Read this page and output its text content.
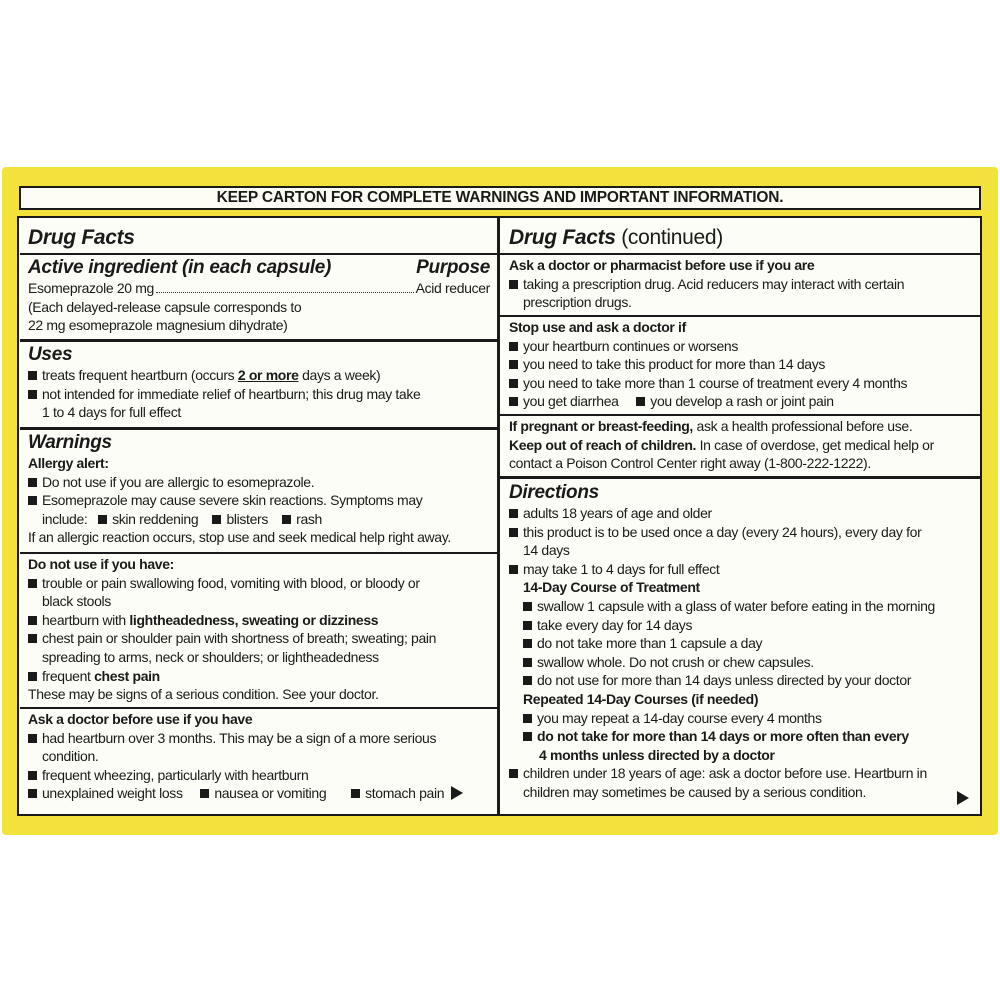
KEEP CARTON FOR COMPLETE WARNINGS AND IMPORTANT INFORMATION.
Drug Facts
Active ingredient (in each capsule)	Purpose
Esomeprazole 20 mg	Acid reducer
(Each delayed-release capsule corresponds to
22 mg esomeprazole magnesium dihydrate)
Uses
treats frequent heartburn (occurs 2 or more days a week)
not intended for immediate relief of heartburn; this drug may take
1 to 4 days for full effect
Warnings
Allergy alert:
Do not use if you are allergic to esomeprazole.
Esomeprazole may cause severe skin reactions. Symptoms may
include: skin reddening blisters rash
If an allergic reaction occurs, stop use and seek medical help right away.
Do not use if you have:
trouble or pain swallowing food, vomiting with blood, or bloody or
black stools
heartburn with lightheadedness, sweating or dizziness
chest pain or shoulder pain with shortness of breath; sweating; pain
spreading to arms, neck or shoulders; or lightheadedness
frequent chest pain
These may be signs of a serious condition. See your doctor.
Ask a doctor before use if you have
had heartburn over 3 months. This may be a sign of a more serious
condition.
frequent wheezing, particularly with heartburn
unexplained weight loss nausea or vomiting	stomach pain
Drug Facts (continued)
Ask a doctor or pharmacist before use if you are
taking a prescription drug. Acid reducers may interact with certain
prescription drugs.
Stop use and ask a doctor if
your heartburn continues or worsens
you need to take this product for more than 14 days
you need to take more than 1 course of treatment every 4 months
you get diarrhea you develop a rash or joint pain
If pregnant or breast-feeding, ask a health professional before use.
Keep out of reach of children. In case of overdose, get medical help or
contact a Poison Control Center right away (1-800-222-1222).
Directions
adults 18 years of age and older
this product is to be used once a day (every 24 hours), every day for
14 days
may take 1 to 4 days for full effect
14-Day Course of Treatment
swallow 1 capsule with a glass of water before eating in the morning
take every day for 14 days
do not take more than 1 capsule a day
swallow whole. Do not crush or chew capsules.
do not use for more than 14 days unless directed by your doctor
Repeated 14-Day Courses (if needed)
you may repeat a 14-day course every 4 months
do not take for more than 14 days or more often than every
4 months unless directed by a doctor
children under 18 years of age: ask a doctor before use. Heartburn in
children may sometimes be caused by a serious condition.
